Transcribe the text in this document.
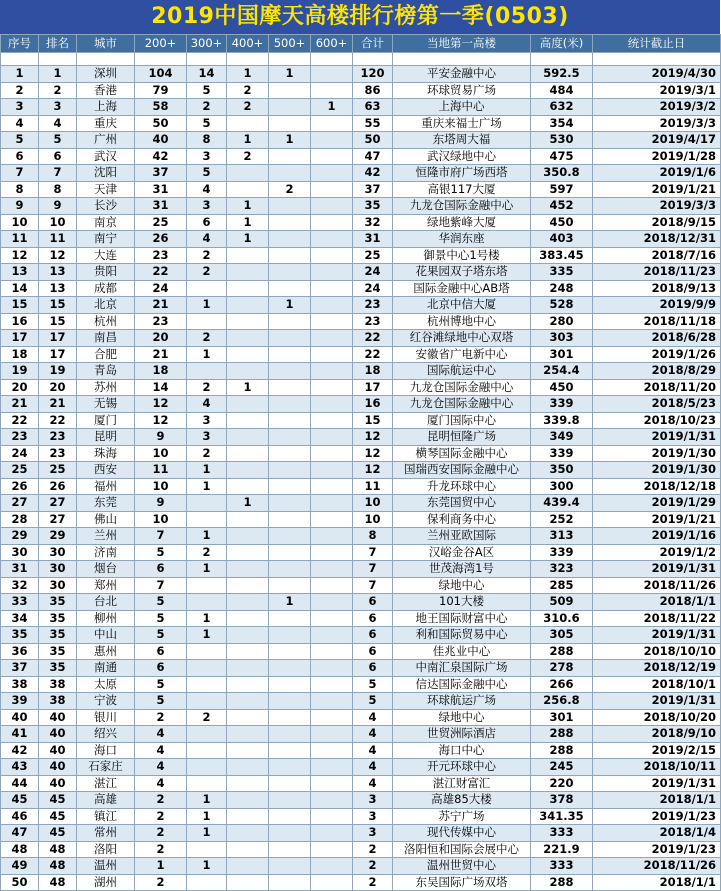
2019中国摩天高楼排行榜第一季(0503)
序号	排名	城市	200+	300+	400+	500+	600+	合计	当地第一高楼	高度(米)	统计截止日

1	1	深圳	104	14	1	1		120	平安金融中心	592.5	2019/4/30
2	2	香港	79	5	2			86	环球贸易广场	484	2019/3/1
3	3	上海	58	2	2		1	63	上海中心	632	2019/3/2
4	4	重庆	50	5				55	重庆来福士广场	354	2019/3/3
5	5	广州	40	8	1	1		50	东塔周大福	530	2019/4/17
6	6	武汉	42	3	2			47	武汉绿地中心	475	2019/1/28
7	7	沈阳	37	5				42	恒隆市府广场西塔	350.8	2019/1/6
8	8	天津	31	4		2		37	高银117大厦	597	2019/1/21
9	9	长沙	31	3	1			35	九龙仓国际金融中心	452	2019/3/3
10	10	南京	25	6	1			32	绿地紫峰大厦	450	2018/9/15
11	11	南宁	26	4	1			31	华润东座	403	2018/12/31
12	12	大连	23	2				25	御景中心1号楼	383.45	2018/7/16
13	13	贵阳	22	2				24	花果园双子塔东塔	335	2018/11/23
14	13	成都	24					24	国际金融中心AB塔	248	2018/9/13
15	15	北京	21	1		1		23	北京中信大厦	528	2019/9/9
16	15	杭州	23					23	杭州博地中心	280	2018/11/18
17	17	南昌	20	2				22	红谷滩绿地中心双塔	303	2018/6/28
18	17	合肥	21	1				22	安徽省广电新中心	301	2019/1/26
19	19	青岛	18					18	国际航运中心	254.4	2018/8/29
20	20	苏州	14	2	1			17	九龙仓国际金融中心	450	2018/11/20
21	21	无锡	12	4				16	九龙仓国际金融中心	339	2018/5/23
22	22	厦门	12	3				15	厦门国际中心	339.8	2018/10/23
23	23	昆明	9	3				12	昆明恒隆广场	349	2019/1/31
24	23	珠海	10	2				12	横琴国际金融中心	339	2019/1/30
25	25	西安	11	1				12	国瑞西安国际金融中心	350	2019/1/30
26	26	福州	10	1				11	升龙环球中心	300	2018/12/18
27	27	东莞	9		1			10	东莞国贸中心	439.4	2019/1/29
28	27	佛山	10					10	保利商务中心	252	2019/1/21
29	29	兰州	7	1				8	兰州亚欧国际	313	2019/1/16
30	30	济南	5	2				7	汉峪金谷A区	339	2019/1/2
31	30	烟台	6	1				7	世茂海湾1号	323	2019/1/31
32	30	郑州	7					7	绿地中心	285	2018/11/26
33	35	台北	5			1		6	101大楼	509	2018/1/1
34	35	柳州	5	1				6	地王国际财富中心	310.6	2018/11/22
35	35	中山	5	1				6	利和国际贸易中心	305	2019/1/31
36	35	惠州	6					6	佳兆业中心	288	2018/10/10
37	35	南通	6					6	中南汇泉国际广场	278	2018/12/19
38	38	太原	5					5	信达国际金融中心	266	2018/10/1
39	38	宁波	5					5	环球航运广场	256.8	2019/1/31
40	40	银川	2	2				4	绿地中心	301	2018/10/20
41	40	绍兴	4					4	世贸洲际酒店	288	2018/9/10
42	40	海口	4					4	海口中心	288	2019/2/15
43	40	石家庄	4					4	开元环球中心	245	2018/10/11
44	40	湛江	4					4	湛江财富汇	220	2019/1/31
45	45	高雄	2	1				3	高雄85大楼	378	2018/1/1
46	45	镇江	2	1				3	苏宁广场	341.35	2019/1/23
47	45	常州	2	1				3	现代传媒中心	333	2018/1/4
48	48	洛阳	2					2	洛阳恒和国际会展中心	221.9	2019/1/23
49	48	温州	1	1				2	温州世贸中心	333	2018/11/26
50	48	湖州	2					2	东吴国际广场双塔	288	2018/1/1
